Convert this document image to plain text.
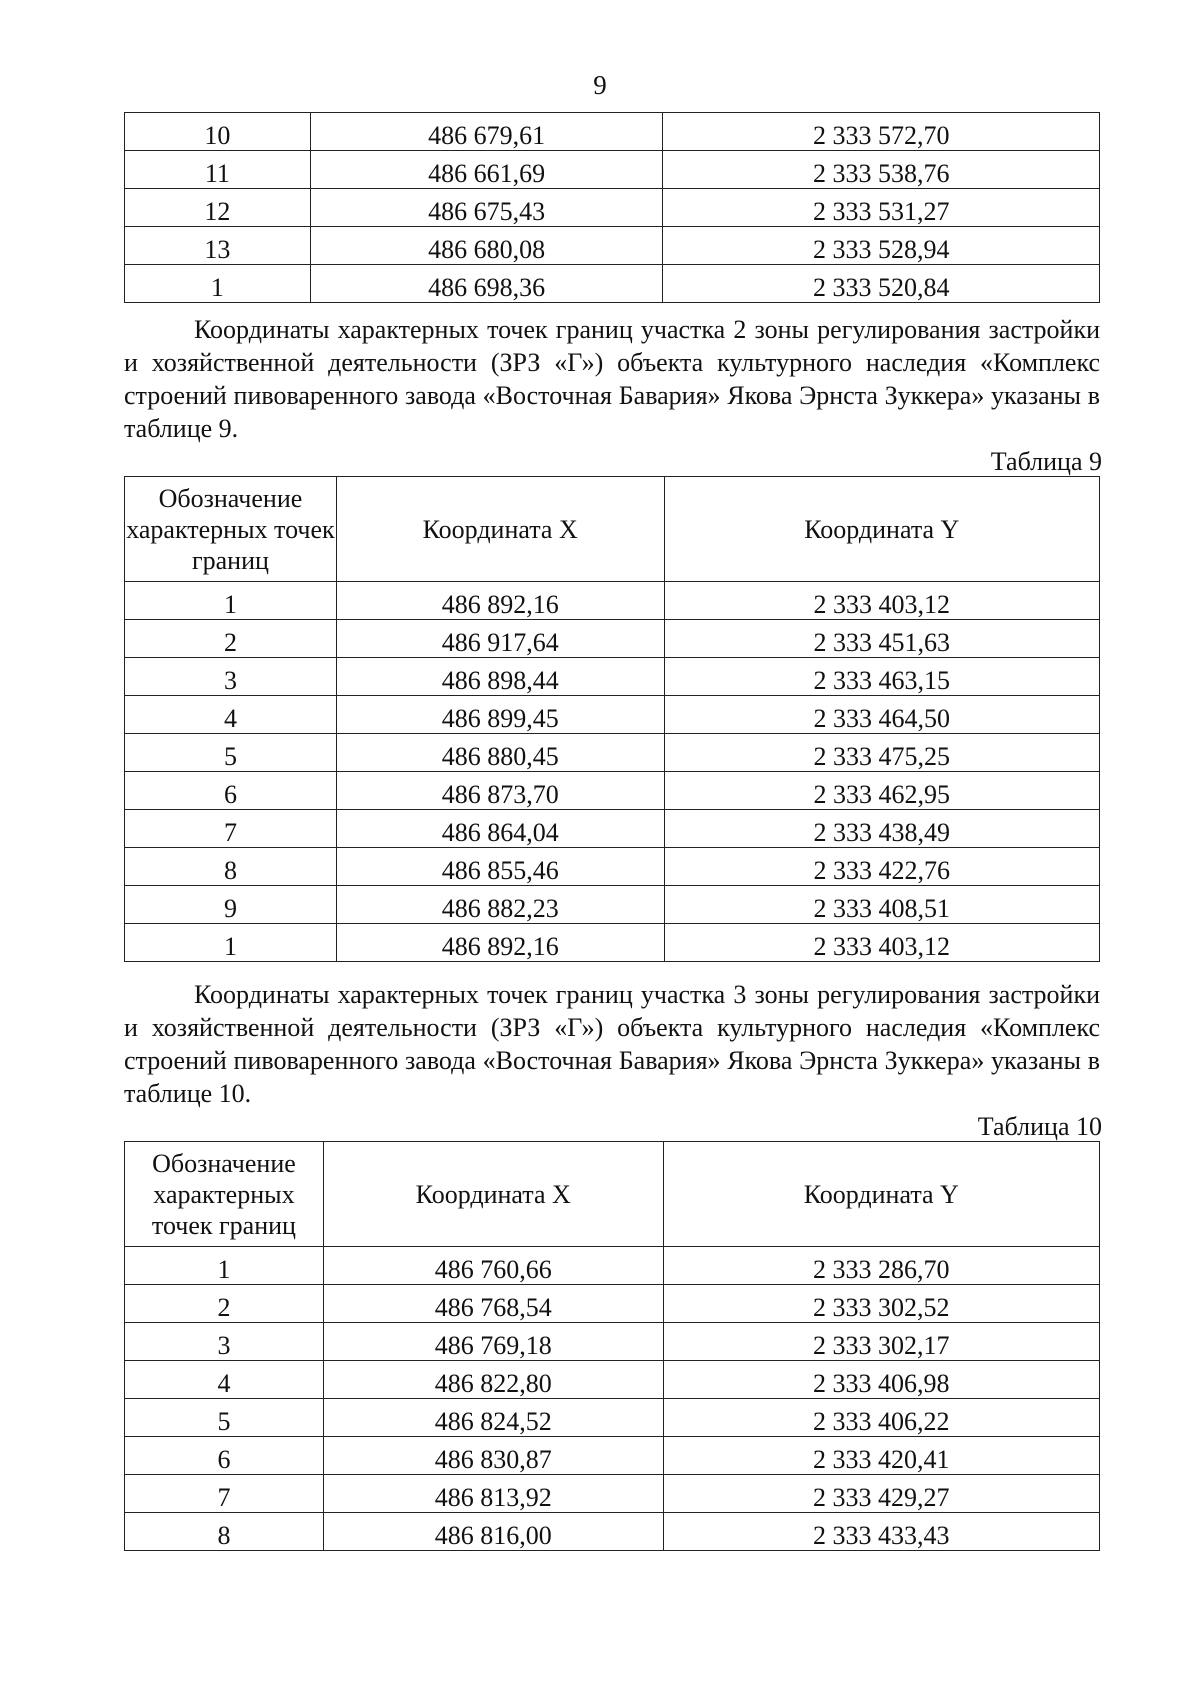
9
10	486 679,61	2 333 572,70
11	486 661,69	2 333 538,76
12	486 675,43	2 333 531,27
13	486 680,08	2 333 528,94
1	486 698,36	2 333 520,84

Координаты характерных точек границ участка 2 зоны регулирования застройки и хозяйственной деятельности (ЗРЗ «Г») объекта культурного наследия «Комплекс строений пивоваренного завода «Восточная Бавария» Якова Эрнста Зуккера» указаны в таблице 9.

Таблица 9
Обозначение характерных точек границ	Координата X	Координата Y
1	486 892,16	2 333 403,12
2	486 917,64	2 333 451,63
3	486 898,44	2 333 463,15
4	486 899,45	2 333 464,50
5	486 880,45	2 333 475,25
6	486 873,70	2 333 462,95
7	486 864,04	2 333 438,49
8	486 855,46	2 333 422,76
9	486 882,23	2 333 408,51
1	486 892,16	2 333 403,12

Координаты характерных точек границ участка 3 зоны регулирования застройки и хозяйственной деятельности (ЗРЗ «Г») объекта культурного наследия «Комплекс строений пивоваренного завода «Восточная Бавария» Якова Эрнста Зуккера» указаны в таблице 10.

Таблица 10
Обозначение характерных точек границ	Координата X	Координата Y
1	486 760,66	2 333 286,70
2	486 768,54	2 333 302,52
3	486 769,18	2 333 302,17
4	486 822,80	2 333 406,98
5	486 824,52	2 333 406,22
6	486 830,87	2 333 420,41
7	486 813,92	2 333 429,27
8	486 816,00	2 333 433,43
